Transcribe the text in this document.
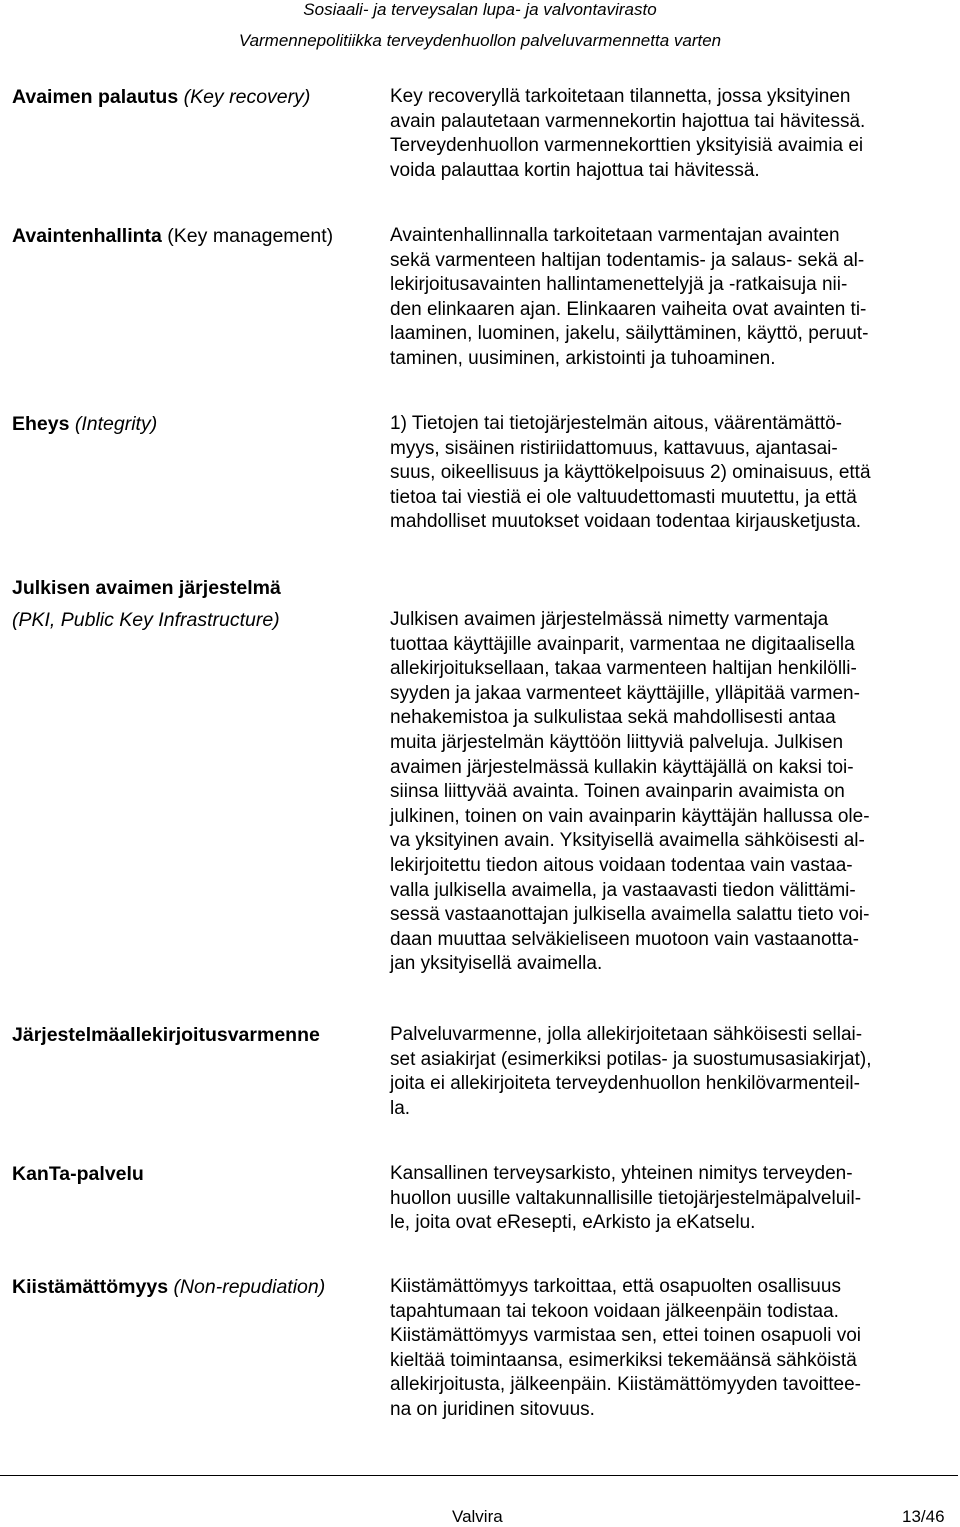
Sosiaali- ja terveysalan lupa- ja valvontavirasto
Varmennepolitiikka terveydenhuollon palveluvarmennetta varten
Avaimen palautus (Key recovery)	Key recoveryllä tarkoitetaan tilannetta, jossa yksityinen
avain palautetaan varmennekortin hajottua tai hävitessä.
Terveydenhuollon varmennekorttien yksityisiä avaimia ei
voida palauttaa kortin hajottua tai hävitessä.
Avaintenhallinta (Key management)	Avaintenhallinnalla tarkoitetaan varmentajan avainten
sekä varmenteen haltijan todentamis- ja salaus- sekä al-
lekirjoitusavainten hallintamenettelyjä ja -ratkaisuja nii-
den elinkaaren ajan. Elinkaaren vaiheita ovat avainten ti-
laaminen, luominen, jakelu, säilyttäminen, käyttö, peruut-
taminen, uusiminen, arkistointi ja tuhoaminen.
Eheys (Integrity)	1) Tietojen tai tietojärjestelmän aitous, väärentämättö-
myys, sisäinen ristiriidattomuus, kattavuus, ajantasai-
suus, oikeellisuus ja käyttökelpoisuus 2) ominaisuus, että
tietoa tai viestiä ei ole valtuudettomasti muutettu, ja että
mahdolliset muutokset voidaan todentaa kirjausketjusta.
Julkisen avaimen järjestelmä
(PKI, Public Key Infrastructure)	Julkisen avaimen järjestelmässä nimetty varmentaja
tuottaa käyttäjille avainparit, varmentaa ne digitaalisella
allekirjoituksellaan, takaa varmenteen haltijan henkilölli-
syyden ja jakaa varmenteet käyttäjille, ylläpitää varmen-
nehakemistoa ja sulkulistaa sekä mahdollisesti antaa
muita järjestelmän käyttöön liittyviä palveluja. Julkisen
avaimen järjestelmässä kullakin käyttäjällä on kaksi toi-
siinsa liittyvää avainta. Toinen avainparin avaimista on
julkinen, toinen on vain avainparin käyttäjän hallussa ole-
va yksityinen avain. Yksityisellä avaimella sähköisesti al-
lekirjoitettu tiedon aitous voidaan todentaa vain vastaa-
valla julkisella avaimella, ja vastaavasti tiedon välittämi-
sessä vastaanottajan julkisella avaimella salattu tieto voi-
daan muuttaa selväkieliseen muotoon vain vastaanotta-
jan yksityisellä avaimella.
Järjestelmäallekirjoitusvarmenne	Palveluvarmenne, jolla allekirjoitetaan sähköisesti sellai-
set asiakirjat (esimerkiksi potilas- ja suostumusasiakirjat),
joita ei allekirjoiteta terveydenhuollon henkilövarmenteil-
la.
KanTa-palvelu	Kansallinen terveysarkisto, yhteinen nimitys terveyden-
huollon uusille valtakunnallisille tietojärjestelmäpalveluil-
le, joita ovat eResepti, eArkisto ja eKatselu.
Kiistämättömyys (Non-repudiation)	Kiistämättömyys tarkoittaa, että osapuolten osallisuus
tapahtumaan tai tekoon voidaan jälkeenpäin todistaa.
Kiistämättömyys varmistaa sen, ettei toinen osapuoli voi
kieltää toimintaansa, esimerkiksi tekemäänsä sähköistä
allekirjoitusta, jälkeenpäin. Kiistämättömyyden tavoittee-
na on juridinen sitovuus.
Valvira	13/46
